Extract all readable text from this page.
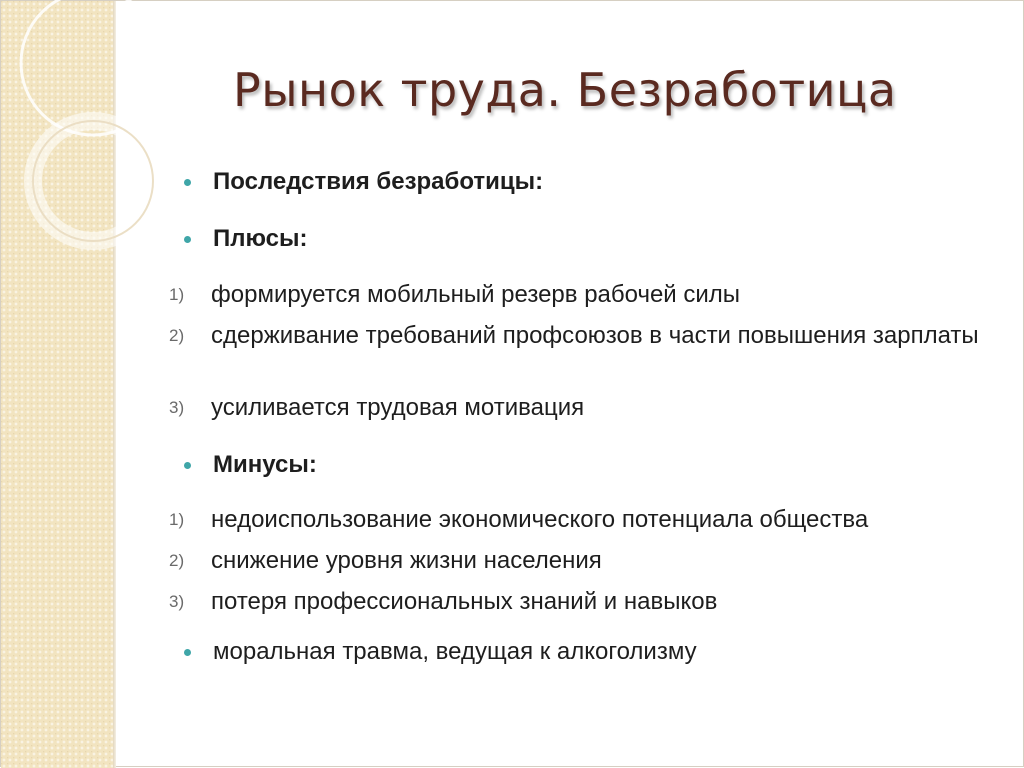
Рынок труда. Безработица
Последствия безработицы:
Плюсы:
1)	формируется мобильный резерв рабочей силы
2)	сдерживание требований профсоюзов в части повышения зарплаты
3)	усиливается трудовая мотивация
Минусы:
1)	недоиспользование экономического потенциала общества
2)	снижение уровня жизни населения
3)	потеря профессиональных знаний и навыков
моральная травма, ведущая к алкоголизму
